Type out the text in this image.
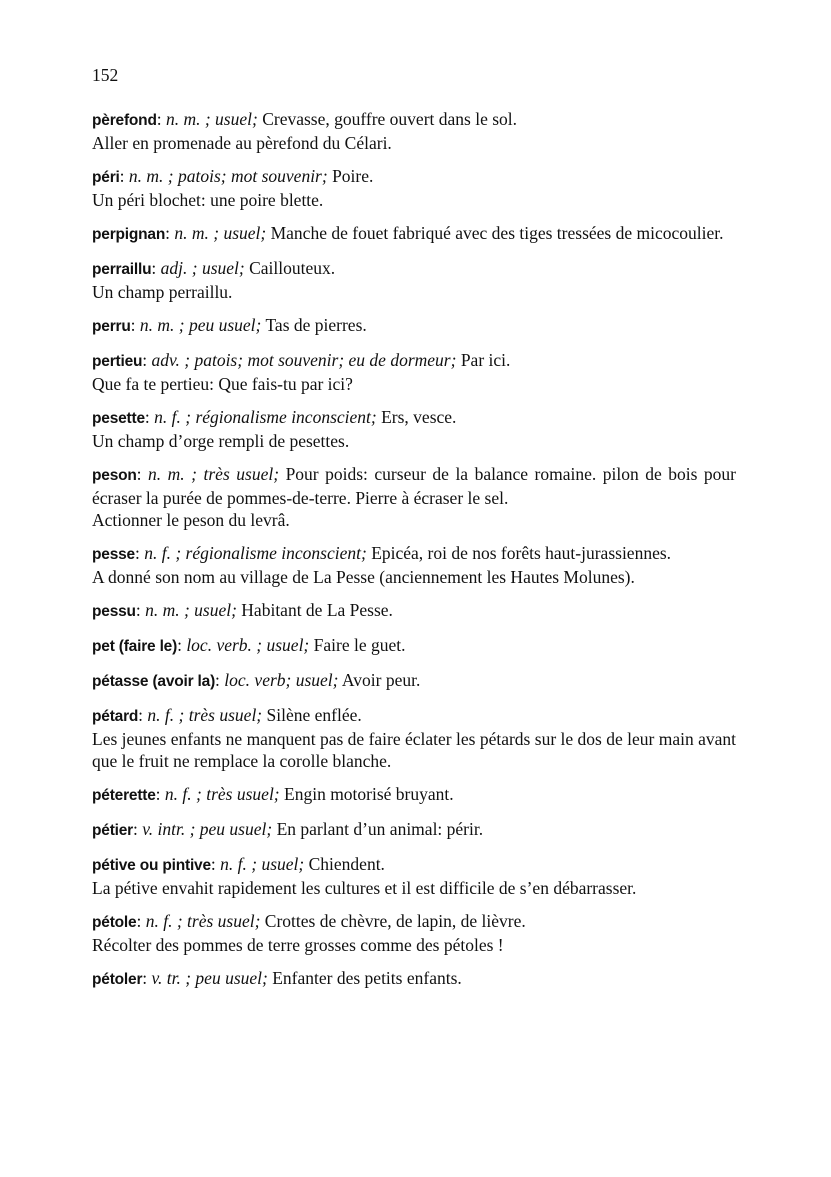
152
pèrefond: n. m. ; usuel; Crevasse, gouffre ouvert dans le sol.
Aller en promenade au pèrefond du Célari.
péri: n. m. ; patois; mot souvenir; Poire.
Un péri blochet: une poire blette.
perpignan: n. m. ; usuel; Manche de fouet fabriqué avec des tiges tressées de micocoulier.
perraillu: adj. ; usuel; Caillouteux.
Un champ perraillu.
perru: n. m. ; peu usuel; Tas de pierres.
pertieu: adv. ; patois; mot souvenir; eu de dormeur; Par ici.
Que fa te pertieu: Que fais-tu par ici?
pesette: n. f. ; régionalisme inconscient; Ers, vesce.
Un champ d’orge rempli de pesettes.
peson: n. m. ; très usuel; Pour poids: curseur de la balance romaine. pilon de bois pour écraser la purée de pommes-de-terre. Pierre à écraser le sel.
Actionner le peson du levrâ.
pesse: n. f. ; régionalisme inconscient; Epicéa, roi de nos forêts haut-jurassiennes.
A donné son nom au village de La Pesse (anciennement les Hautes Molunes).
pessu: n. m. ; usuel; Habitant de La Pesse.
pet (faire le): loc. verb. ; usuel; Faire le guet.
pétasse (avoir la): loc. verb; usuel; Avoir peur.
pétard: n. f. ; très usuel; Silène enflée.
Les jeunes enfants ne manquent pas de faire éclater les pétards sur le dos de leur main avant que le fruit ne remplace la corolle blanche.
péterette: n. f. ; très usuel; Engin motorisé bruyant.
pétier: v. intr. ; peu usuel; En parlant d’un animal: périr.
pétive ou pintive: n. f. ; usuel; Chiendent.
La pétive envahit rapidement les cultures et il est difficile de s’en débarrasser.
pétole: n. f. ; très usuel; Crottes de chèvre, de lapin, de lièvre.
Récolter des pommes de terre grosses comme des pétoles !
pétoler: v. tr. ; peu usuel; Enfanter des petits enfants.
